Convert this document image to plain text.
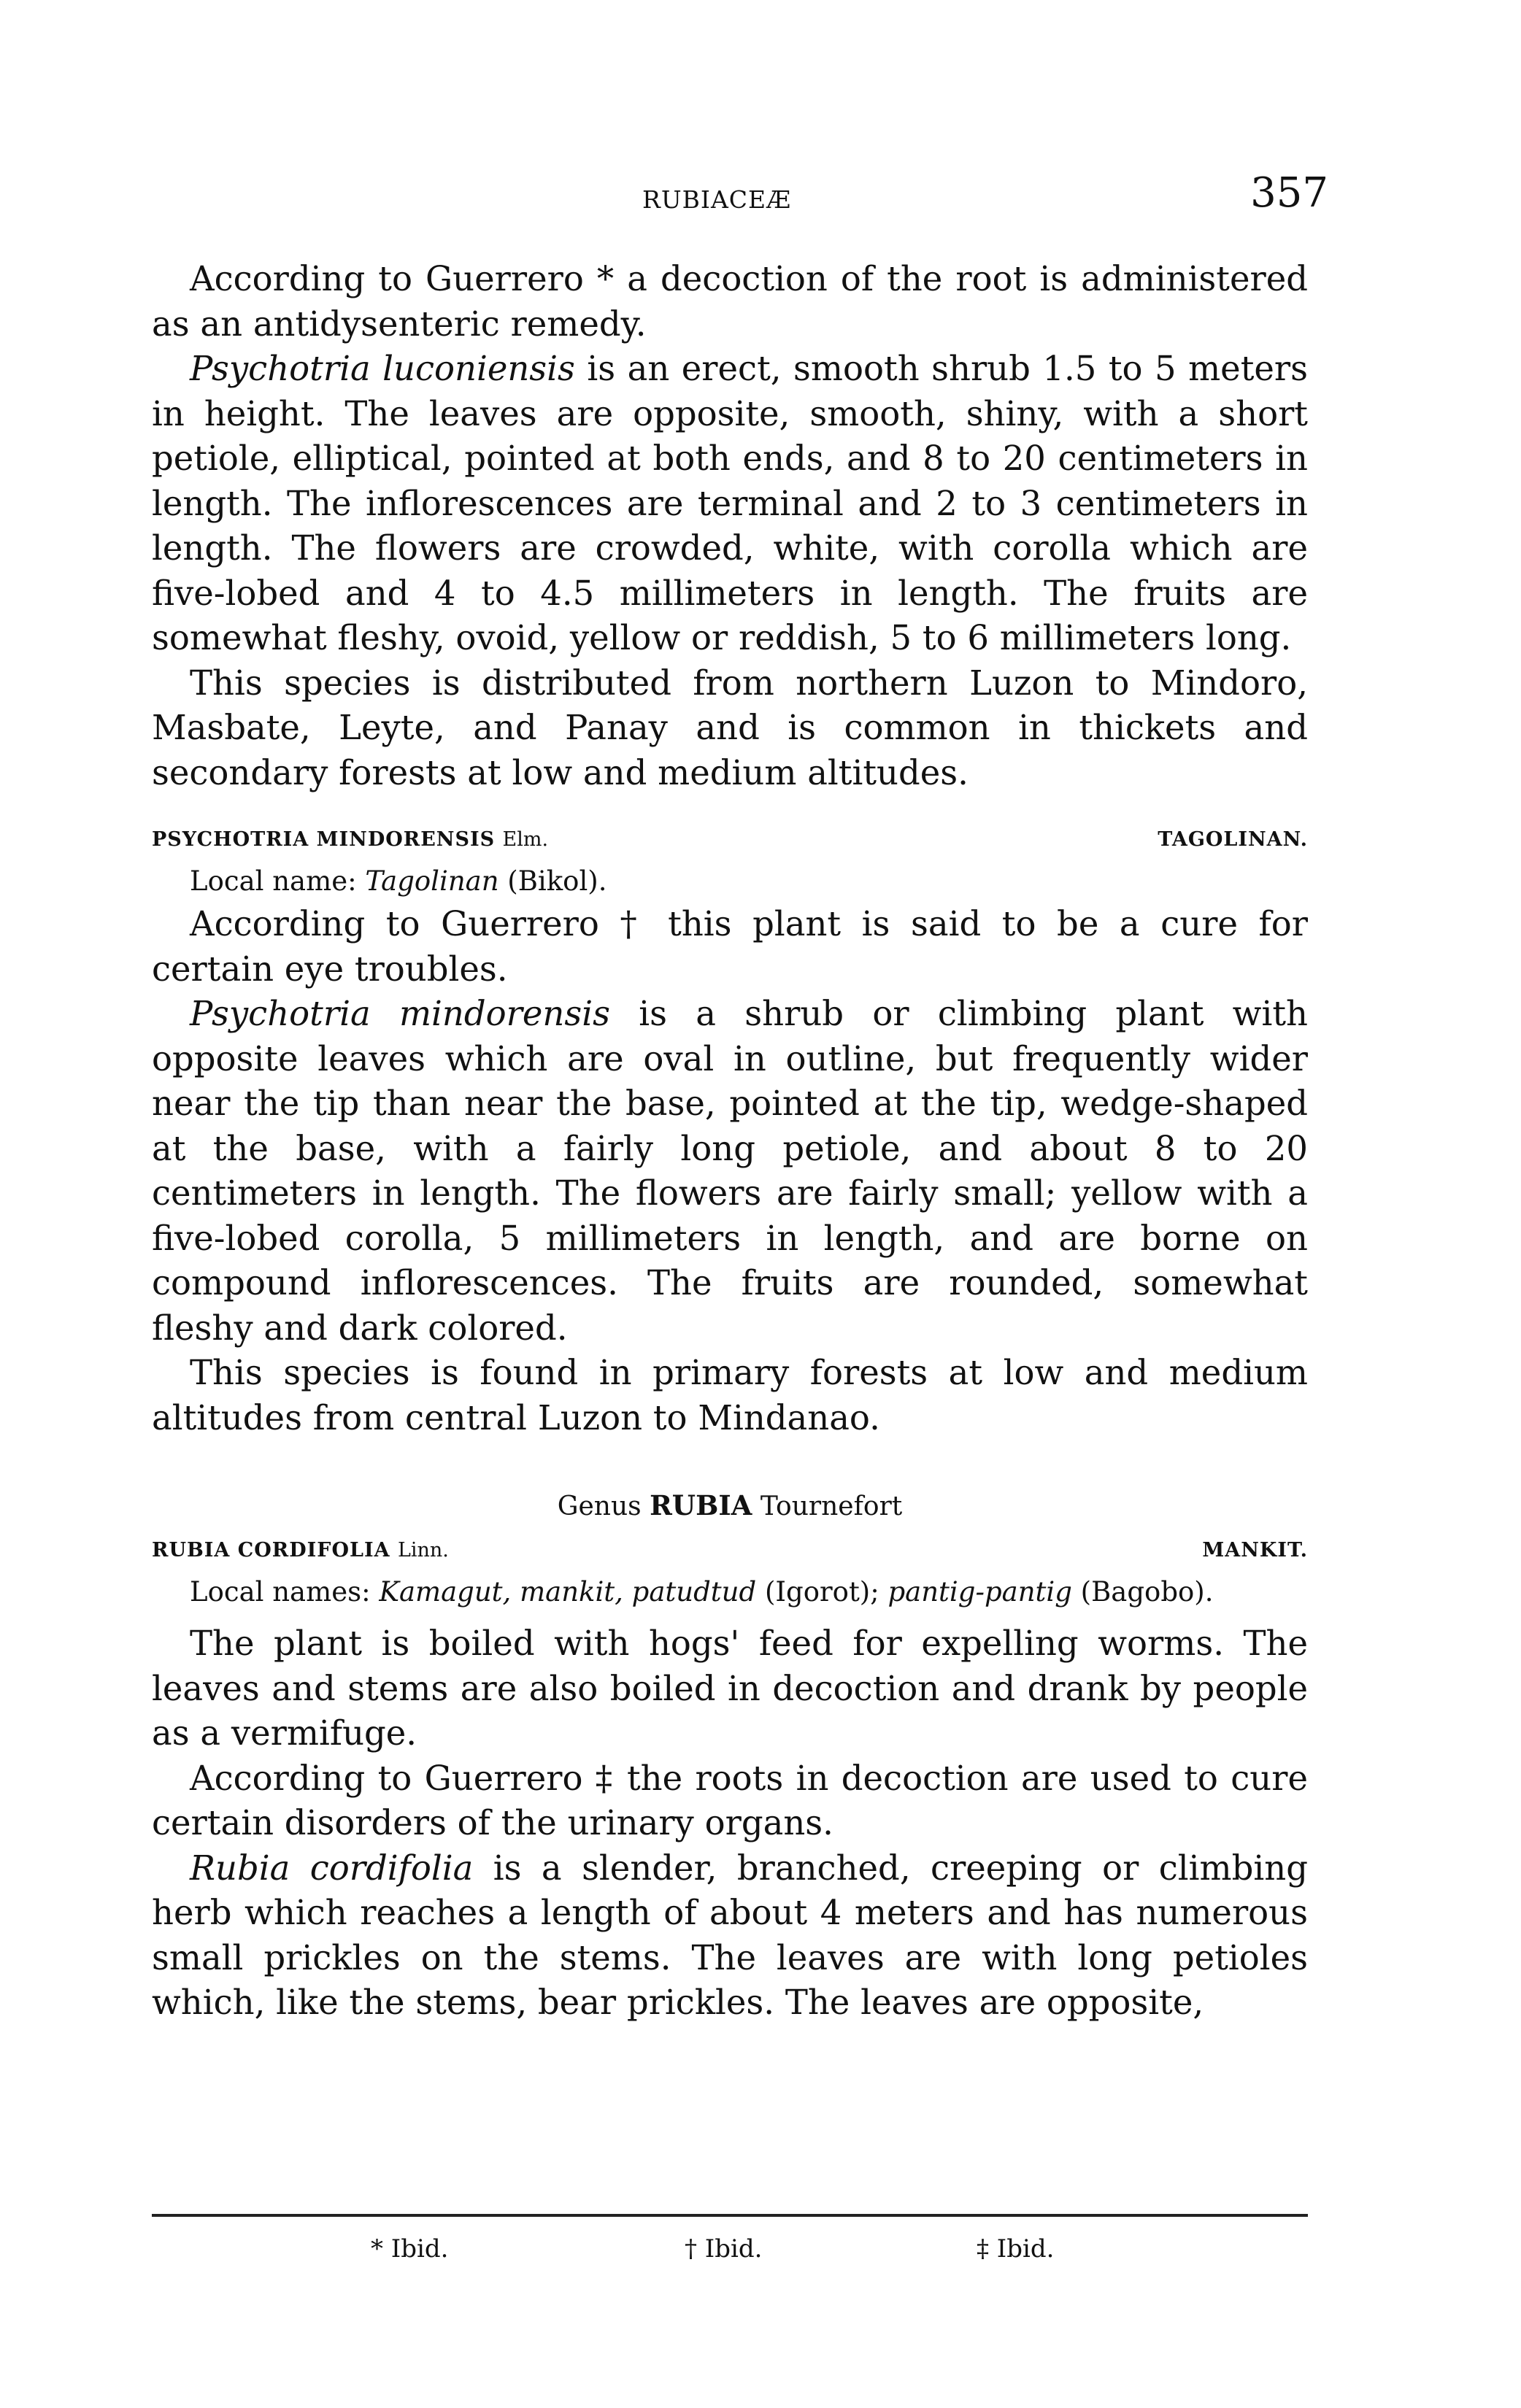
RUBIACEÆ	357

According to Guerrero * a decoction of the root is administered as an antidysenteric remedy.

Psychotria luconiensis is an erect, smooth shrub 1.5 to 5 meters in height. The leaves are opposite, smooth, shiny, with a short petiole, elliptical, pointed at both ends, and 8 to 20 centimeters in length. The inflorescences are terminal and 2 to 3 centimeters in length. The flowers are crowded, white, with corolla which are five-lobed and 4 to 4.5 millimeters in length. The fruits are somewhat fleshy, ovoid, yellow or reddish, 5 to 6 millimeters long.

This species is distributed from northern Luzon to Mindoro, Masbate, Leyte, and Panay and is common in thickets and secondary forests at low and medium altitudes.

PSYCHOTRIA MINDORENSIS Elm.	TAGOLINAN.

Local name: Tagolinan (Bikol).

According to Guerrero † this plant is said to be a cure for certain eye troubles.

Psychotria mindorensis is a shrub or climbing plant with opposite leaves which are oval in outline, but frequently wider near the tip than near the base, pointed at the tip, wedge-shaped at the base, with a fairly long petiole, and about 8 to 20 centimeters in length. The flowers are fairly small; yellow with a five-lobed corolla, 5 millimeters in length, and are borne on compound inflorescences. The fruits are rounded, somewhat fleshy and dark colored.

This species is found in primary forests at low and medium altitudes from central Luzon to Mindanao.

Genus RUBIA Tournefort
RUBIA CORDIFOLIA Linn.	MANKIT.

Local names: Kamagut, mankit, patudtud (Igorot); pantig-pantig (Bagobo).

The plant is boiled with hogs' feed for expelling worms. The leaves and stems are also boiled in decoction and drank by people as a vermifuge.

According to Guerrero ‡ the roots in decoction are used to cure certain disorders of the urinary organs.

Rubia cordifolia is a slender, branched, creeping or climbing herb which reaches a length of about 4 meters and has numerous small prickles on the stems. The leaves are with long petioles which, like the stems, bear prickles. The leaves are opposite,

* Ibid.	† Ibid.	‡ Ibid.
